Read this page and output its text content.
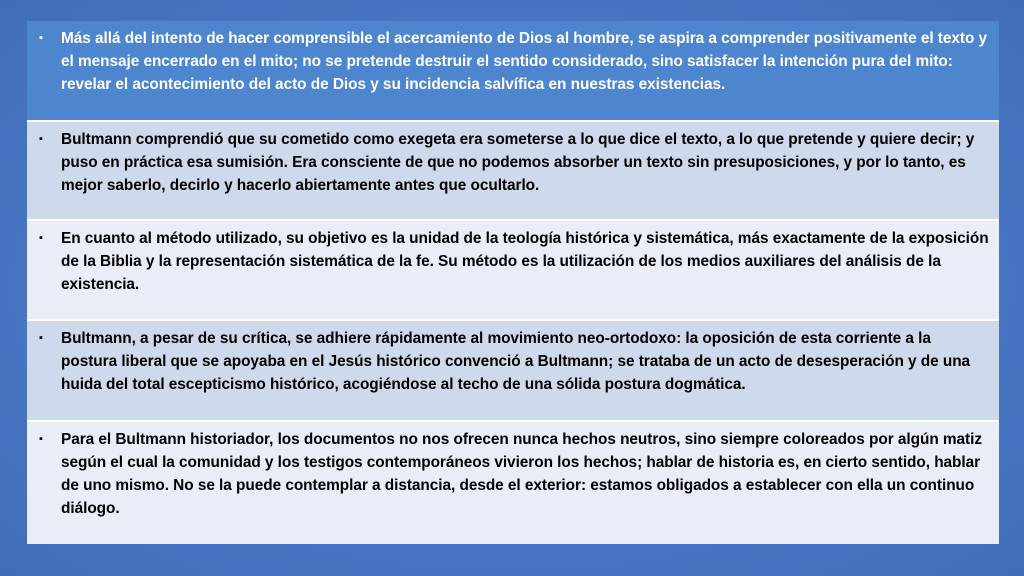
▪	Más allá del intento de hacer comprensible el acercamiento de Dios al hombre, se aspira a comprender positivamente el texto y el mensaje encerrado en el mito; no se pretende destruir el sentido considerado, sino satisfacer la intención pura del mito: revelar el acontecimiento del acto de Dios y su incidencia salvífica en nuestras existencias.
▪	Bultmann comprendió que su cometido como exegeta era someterse a lo que dice el texto, a lo que pretende y quiere decir; y puso en práctica esa sumisión. Era consciente de que no podemos absorber un texto sin presuposiciones, y por lo tanto, es mejor saberlo, decirlo y hacerlo abiertamente antes que ocultarlo.
▪	En cuanto al método utilizado, su objetivo es la unidad de la teología histórica y sistemática, más exactamente de la exposición de la Biblia y la representación sistemática de la fe. Su método es la utilización de los medios auxiliares del análisis de la existencia.
▪	Bultmann, a pesar de su crítica, se adhiere rápidamente al movimiento neo-ortodoxo: la oposición de esta corriente a la postura liberal que se apoyaba en el Jesús histórico convenció a Bultmann; se trataba de un acto de desesperación y de una huida del total escepticismo histórico, acogiéndose al techo de una sólida postura dogmática.
▪	Para el Bultmann historiador, los documentos no nos ofrecen nunca hechos neutros, sino siempre coloreados por algún matiz según el cual la comunidad y los testigos contemporáneos vivieron los hechos; hablar de historia es, en cierto sentido, hablar de uno mismo. No se la puede contemplar a distancia, desde el exterior: estamos obligados a establecer con ella un continuo diálogo.
